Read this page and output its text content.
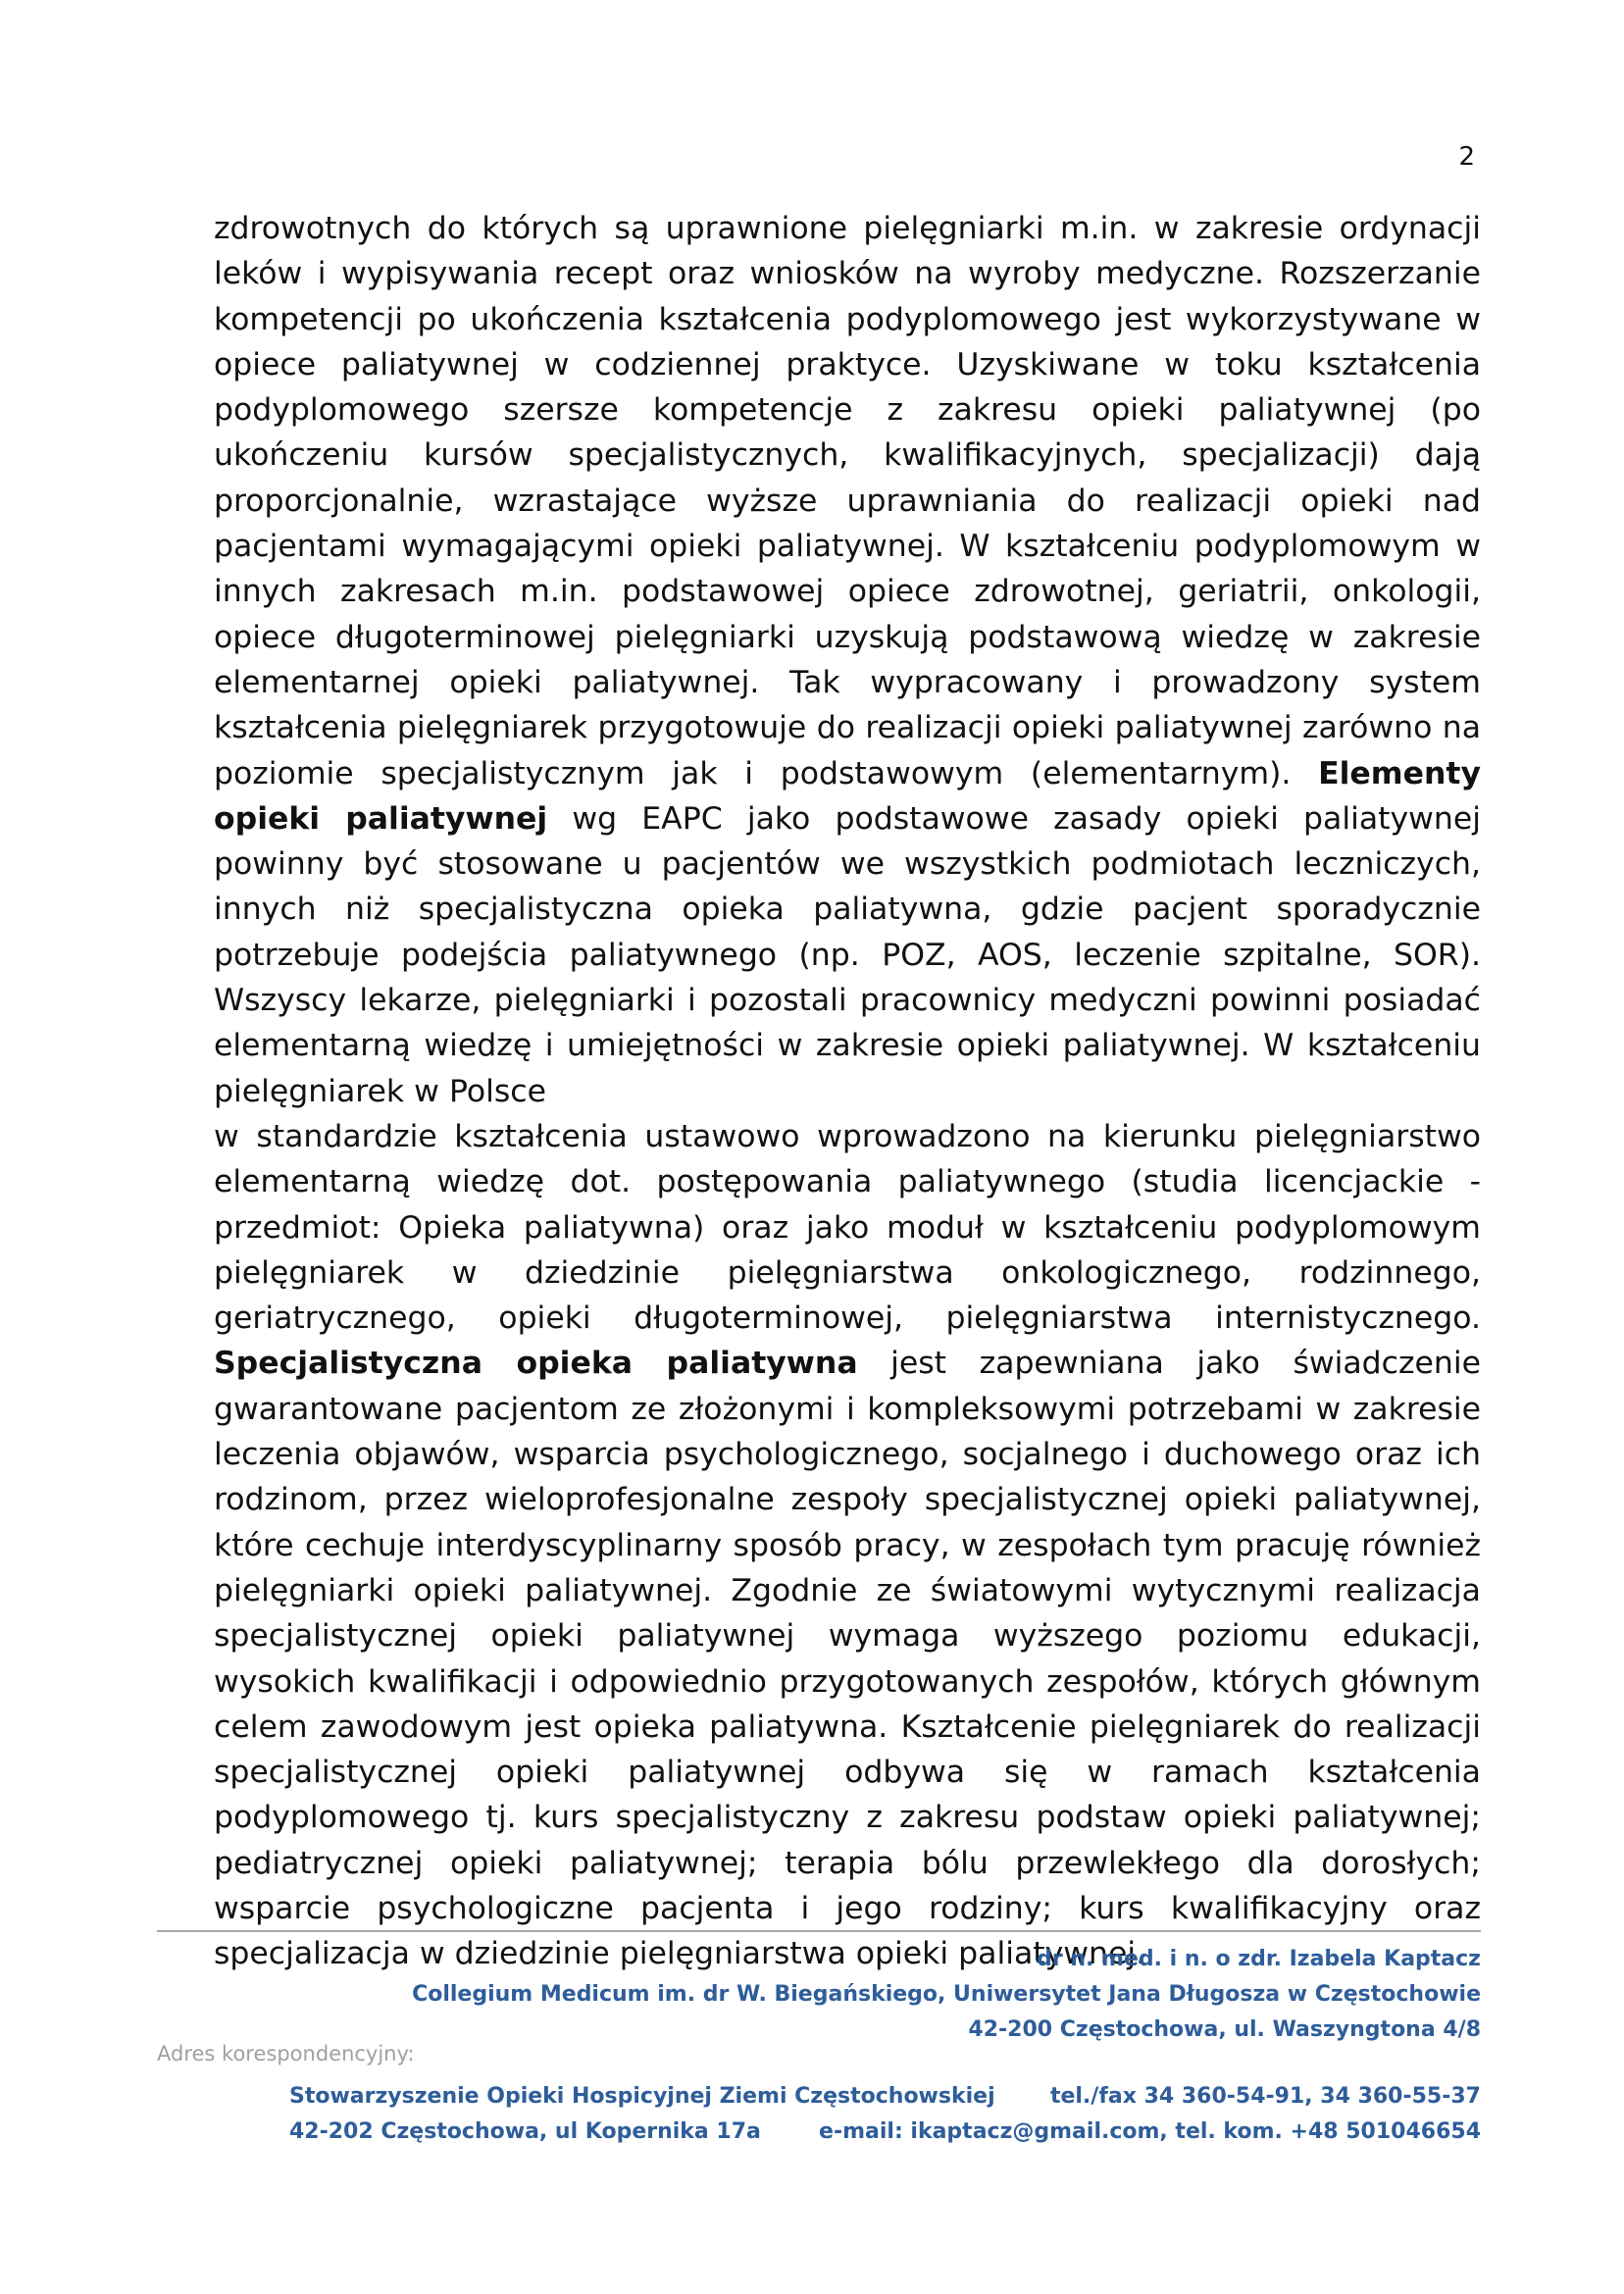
2

zdrowotnych do których są uprawnione pielęgniarki m.in. w zakresie ordynacji leków i wypisywania recept oraz wniosków na wyroby medyczne. Rozszerzanie kompetencji po ukończenia kształcenia podyplomowego jest wykorzystywane w opiece paliatywnej w codziennej praktyce. Uzyskiwane w toku kształcenia podyplomowego szersze kompetencje z zakresu opieki paliatywnej (po ukończeniu kursów specjalistycznych, kwalifikacyjnych, specjalizacji) dają proporcjonalnie, wzrastające wyższe uprawniania do realizacji opieki nad pacjentami wymagającymi opieki paliatywnej. W kształceniu podyplomowym w innych zakresach m.in. podstawowej opiece zdrowotnej, geriatrii, onkologii, opiece długoterminowej pielęgniarki uzyskują podstawową wiedzę w zakresie elementarnej opieki paliatywnej. Tak wypracowany i prowadzony system kształcenia pielęgniarek przygotowuje do realizacji opieki paliatywnej zarówno na poziomie specjalistycznym jak i podstawowym (elementarnym). Elementy opieki paliatywnej wg EAPC jako podstawowe zasady opieki paliatywnej powinny być stosowane u pacjentów we wszystkich podmiotach leczniczych, innych niż specjalistyczna opieka paliatywna, gdzie pacjent sporadycznie potrzebuje podejścia paliatywnego (np. POZ, AOS, leczenie szpitalne, SOR). Wszyscy lekarze, pielęgniarki i pozostali pracownicy medyczni powinni posiadać elementarną wiedzę i umiejętności w zakresie opieki paliatywnej. W kształceniu pielęgniarek w Polsce

w standardzie kształcenia ustawowo wprowadzono na kierunku pielęgniarstwo elementarną wiedzę dot. postępowania paliatywnego (studia licencjackie -przedmiot: Opieka paliatywna) oraz jako moduł w kształceniu podyplomowym pielęgniarek w dziedzinie pielęgniarstwa onkologicznego, rodzinnego, geriatrycznego, opieki długoterminowej, pielęgniarstwa internistycznego. Specjalistyczna opieka paliatywna jest zapewniana jako świadczenie gwarantowane pacjentom ze złożonymi i kompleksowymi potrzebami w zakresie leczenia objawów, wsparcia psychologicznego, socjalnego i duchowego oraz ich rodzinom, przez wieloprofesjonalne zespoły specjalistycznej opieki paliatywnej, które cechuje interdyscyplinarny sposób pracy, w zespołach tym pracuję również pielęgniarki opieki paliatywnej. Zgodnie ze światowymi wytycznymi realizacja specjalistycznej opieki paliatywnej wymaga wyższego poziomu edukacji, wysokich kwalifikacji i odpowiednio przygotowanych zespołów, których głównym celem zawodowym jest opieka paliatywna. Kształcenie pielęgniarek do realizacji specjalistycznej opieki paliatywnej odbywa się w ramach kształcenia podyplomowego tj. kurs specjalistyczny z zakresu podstaw opieki paliatywnej; pediatrycznej opieki paliatywnej; terapia bólu przewlekłego dla dorosłych; wsparcie psychologiczne pacjenta i jego rodziny; kurs kwalifikacyjny oraz specjalizacja w dziedzinie pielęgniarstwa opieki paliatywnej.

dr n. med. i n. o zdr. Izabela Kaptacz
Collegium Medicum im. dr W. Biegańskiego, Uniwersytet Jana Długosza w Częstochowie
42-200 Częstochowa, ul. Waszyngtona 4/8
Adres korespondencyjny:
Stowarzyszenie Opieki Hospicyjnej Ziemi Częstochowskiej
42-202 Częstochowa, ul Kopernika 17a
tel./fax 34 360-54-91, 34 360-55-37
e-mail: ikaptacz@gmail.com, tel. kom. +48 501046654
